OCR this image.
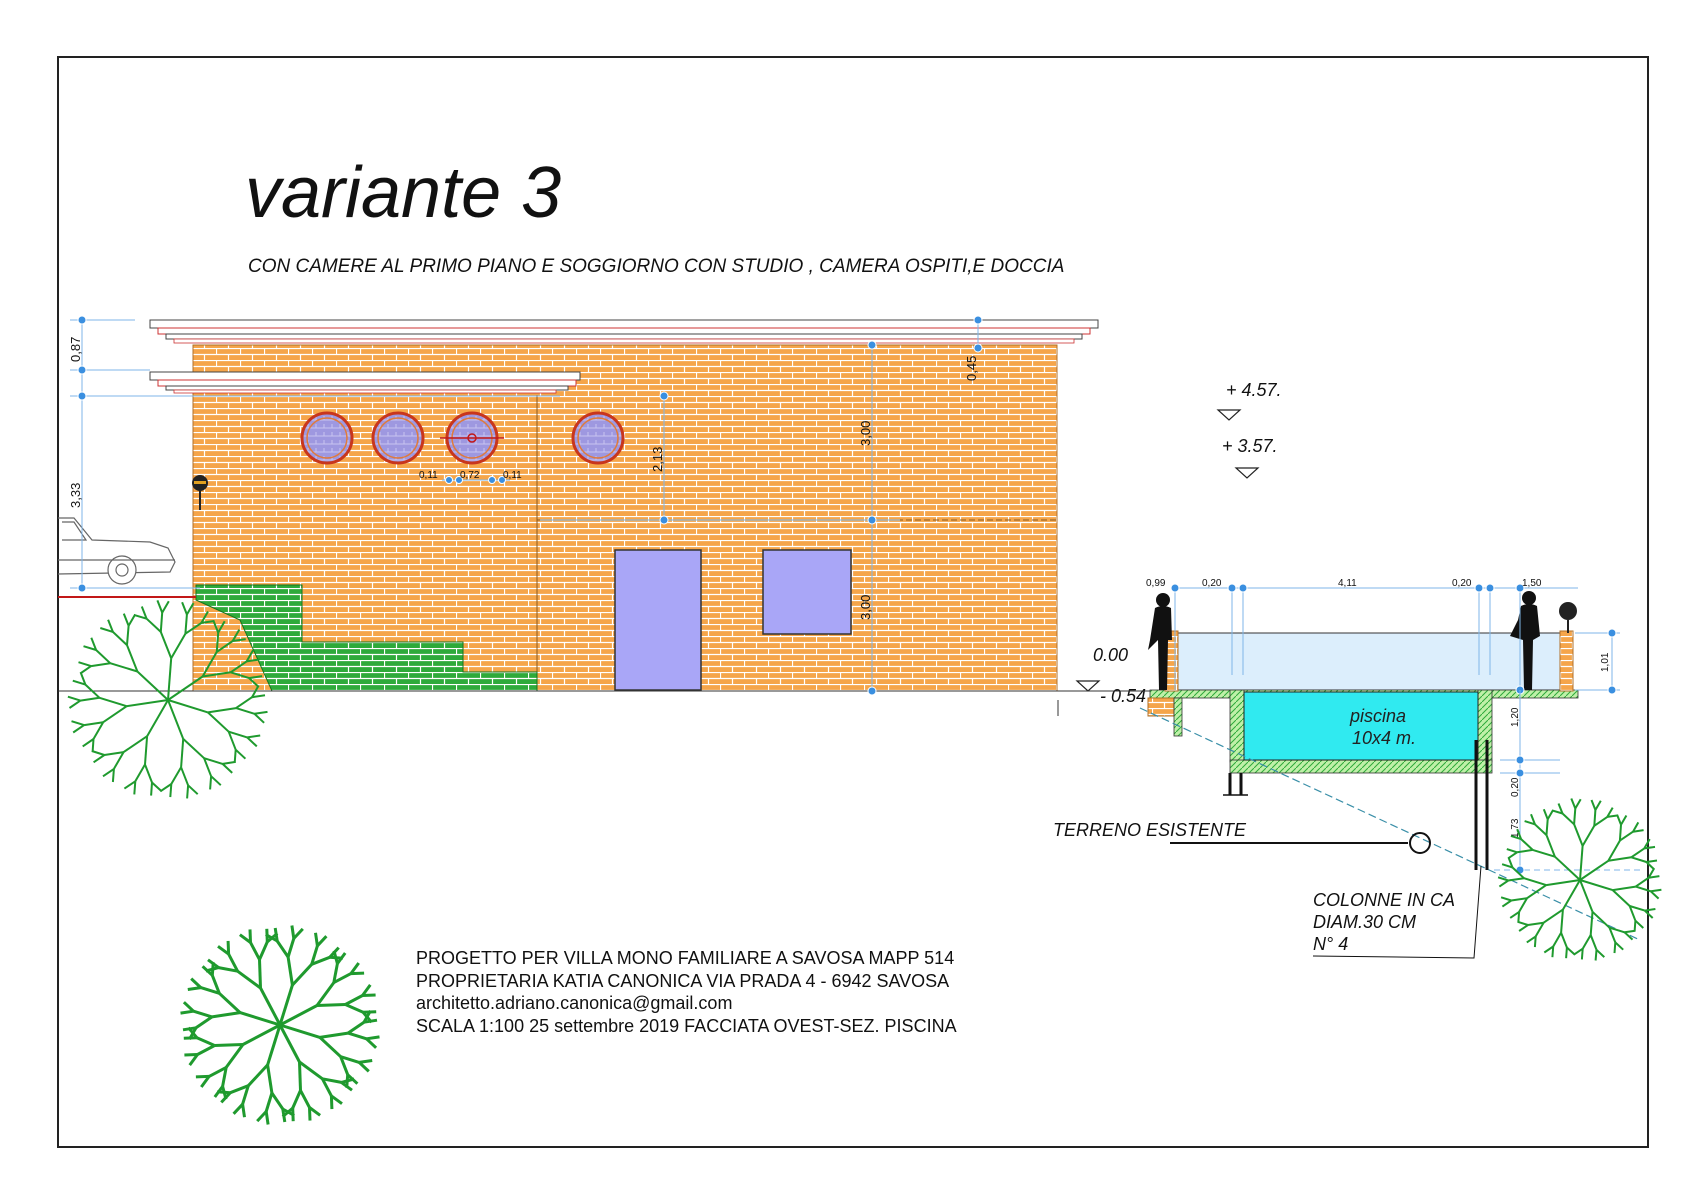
variante 3
CON CAMERE AL PRIMO PIANO E SOGGIORNO CON STUDIO , CAMERA OSPITI,E DOCCIA
0,87
3,33
0,45
3,00
3,00
2,13
0,11 0,72 0,11
+ 4.57.
+ 3.57.
0.00
- 0.54
piscina
10x4 m.
0,99	0,20	4,11	0,20	1,50
1,01
1,20
0,20
1,73
TERRENO ESISTENTE
COLONNE IN CA
DIAM.30 CM
N° 4
PROGETTO PER VILLA MONO FAMILIARE A SAVOSA MAPP 514
PROPRIETARIA KATIA CANONICA VIA PRADA 4 - 6942 SAVOSA
architetto.adriano.canonica@gmail.com
SCALA 1:100 25 settembre 2019 FACCIATA OVEST-SEZ. PISCINA
